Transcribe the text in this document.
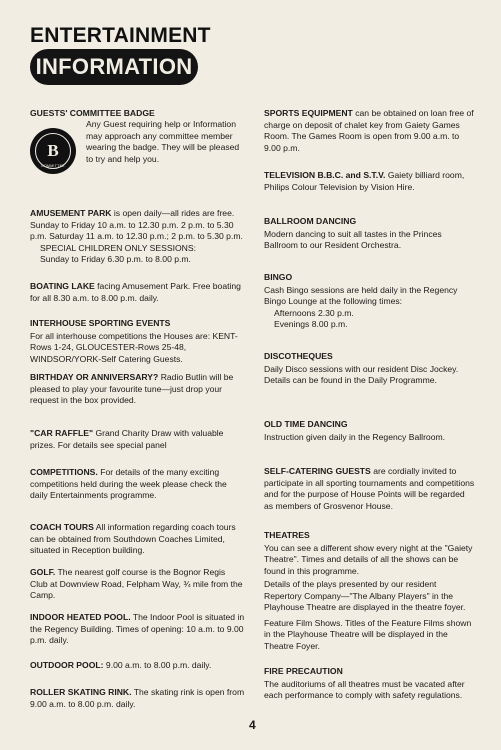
ENTERTAINMENT
INFORMATION
B
COMMITTEE
GUESTS' COMMITTEE BADGE
Any Guest requiring help or Information may approach any committee member wearing the badge. They will be pleased to try and help you.
AMUSEMENT PARK is open daily—all rides are free. Sunday to Friday 10 a.m. to 12.30 p.m. 2 p.m. to 5.30 p.m. Saturday 11 a.m. to 12.30 p.m.; 2 p.m. to 5.30 p.m.
SPECIAL CHILDREN ONLY SESSIONS:
Sunday to Friday 6.30 p.m. to 8.00 p.m.
BOATING LAKE facing Amusement Park. Free boating for all 8.30 a.m. to 8.00 p.m. daily.
INTERHOUSE SPORTING EVENTS
For all interhouse competitions the Houses are: KENT-Rows 1-24, GLOUCESTER-Rows 25-48, WINDSOR/YORK-Self Catering Guests.
BIRTHDAY OR ANNIVERSARY? Radio Butlin will be pleased to play your favourite tune—just drop your request in the box provided.
"CAR RAFFLE" Grand Charity Draw with valuable prizes. For details see special panel
COMPETITIONS. For details of the many exciting competitions held during the week please check the daily Entertainments programme.
COACH TOURS All information regarding coach tours can be obtained from Southdown Coaches Limited, situated in Reception building.
GOLF. The nearest golf course is the Bognor Regis Club at Downview Road, Felpham Way, ¾ mile from the Camp.
INDOOR HEATED POOL. The Indoor Pool is situated in the Regency Building. Times of opening: 10 a.m. to 9.00 p.m. daily.
OUTDOOR POOL: 9.00 a.m. to 8.00 p.m. daily.
ROLLER SKATING RINK. The skating rink is open from 9.00 a.m. to 8.00 p.m. daily.
SPORTS EQUIPMENT can be obtained on loan free of charge on deposit of chalet key from Gaiety Games Room. The Games Room is open from 9.00 a.m. to 9.00 p.m.
TELEVISION B.B.C. and S.T.V. Gaiety billiard room, Philips Colour Television by Vision Hire.
BALLROOM DANCING
Modern dancing to suit all tastes in the Princes Ballroom to our Resident Orchestra.
BINGO
Cash Bingo sessions are held daily in the Regency Bingo Lounge at the following times:
Afternoons 2.30 p.m.
Evenings 8.00 p.m.
DISCOTHEQUES
Daily Disco sessions with our resident Disc Jockey. Details can be found in the Daily Programme.
OLD TIME DANCING
Instruction given daily in the Regency Ballroom.
SELF-CATERING GUESTS are cordially invited to participate in all sporting tournaments and competitions and for the purpose of House Points will be regarded as members of Grosvenor House.
THEATRES
You can see a different show every night at the "Gaiety Theatre". Times and details of all the shows can be found in this programme.
Details of the plays presented by our resident Repertory Company—"The Albany Players" in the Playhouse Theatre are displayed in the theatre foyer.
Feature Film Shows. Titles of the Feature Films shown in the Playhouse Theatre will be displayed in the Theatre Foyer.
FIRE PRECAUTION
The auditoriums of all theatres must be vacated after each performance to comply with safety regulations.
4
